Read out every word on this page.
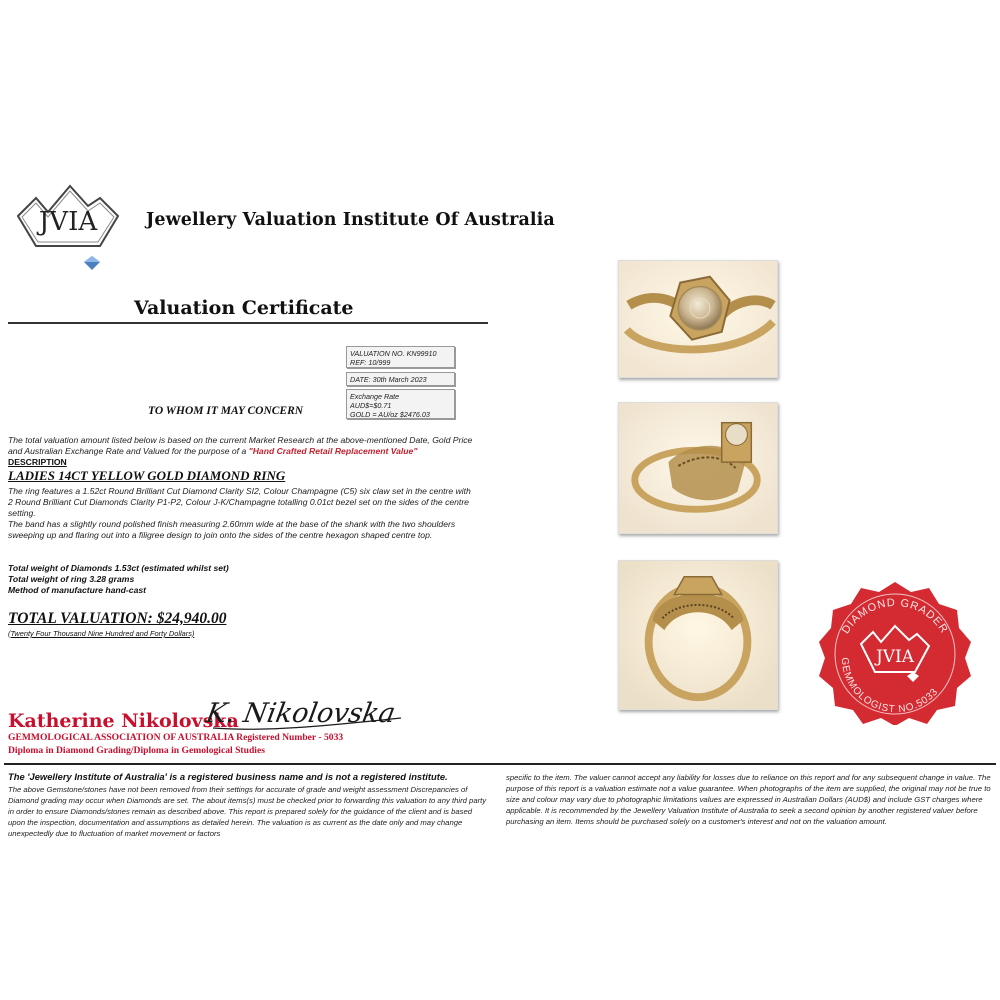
JVIA	Jewellery Valuation Institute Of Australia
Valuation Certificate
VALUATION NO. KN99910
REF: 10/999
DATE: 30th March 2023
Exchange Rate
AUD$=$0.71
GOLD = AU/oz $2476.03
TO WHOM IT MAY CONCERN
The total valuation amount listed below is based on the current Market Research at the above-mentioned Date, Gold Price and Australian Exchange Rate and Valued for the purpose of a "Hand Crafted Retail Replacement Value"
DESCRIPTION
LADIES 14CT YELLOW GOLD DIAMOND RING
The ring features a 1.52ct Round Brilliant Cut Diamond Clarity SI2, Colour Champagne (C5) six claw set in the centre with 2 Round Brilliant Cut Diamonds Clarity P1-P2, Colour J-K/Champagne totalling 0.01ct bezel set on the sides of the centre setting.
The band has a slightly round polished finish measuring 2.60mm wide at the base of the shank with the two shoulders sweeping up and flaring out into a filigree design to join onto the sides of the centre hexagon shaped centre top.
Total weight of Diamonds 1.53ct (estimated whilst set)
Total weight of ring 3.28 grams
Method of manufacture hand-cast
TOTAL VALUATION: $24,940.00
(Twenty Four Thousand Nine Hundred and Forty Dollars)
Katherine Nikolovska
K. Nikolovska
GEMMOLOGICAL ASSOCIATION OF AUSTRALIA Registered Number - 5033
Diploma in Diamond Grading/Diploma in Gemological Studies
The 'Jewellery Institute of Australia' is a registered business name and is not a registered institute.
The above Gemstone/stones have not been removed from their settings for accurate of grade and weight assessment Discrepancies of Diamond grading may occur when Diamonds are set. The about items(s) must be checked prior to forwarding this valuation to any third party in order to ensure Diamonds/stones remain as described above. This report is prepared solely for the guidance of the client and is based upon the inspection, documentation and assumptions as detailed herein. The valuation is as current as the date only and may change unexpectedly due to fluctuation of market movement or factors
specific to the item. The valuer cannot accept any liability for losses due to reliance on this report and for any subsequent change in value. The purpose of this report is a valuation estimate not a value guarantee. When photographs of the item are supplied, the original may not be true to size and colour may vary due to photographic limitations values are expressed in Australian Dollars (AUD$) and include GST charges where applicable. It is recommended by the Jewellery Valuation Institute of Australia to seek a second opinion by another registered valuer before purchasing an item. Items should be purchased solely on a customer's interest and not on the valuation amount.
DIAMOND GRADER
GEMMOLOGIST NO.5033
JVIA
